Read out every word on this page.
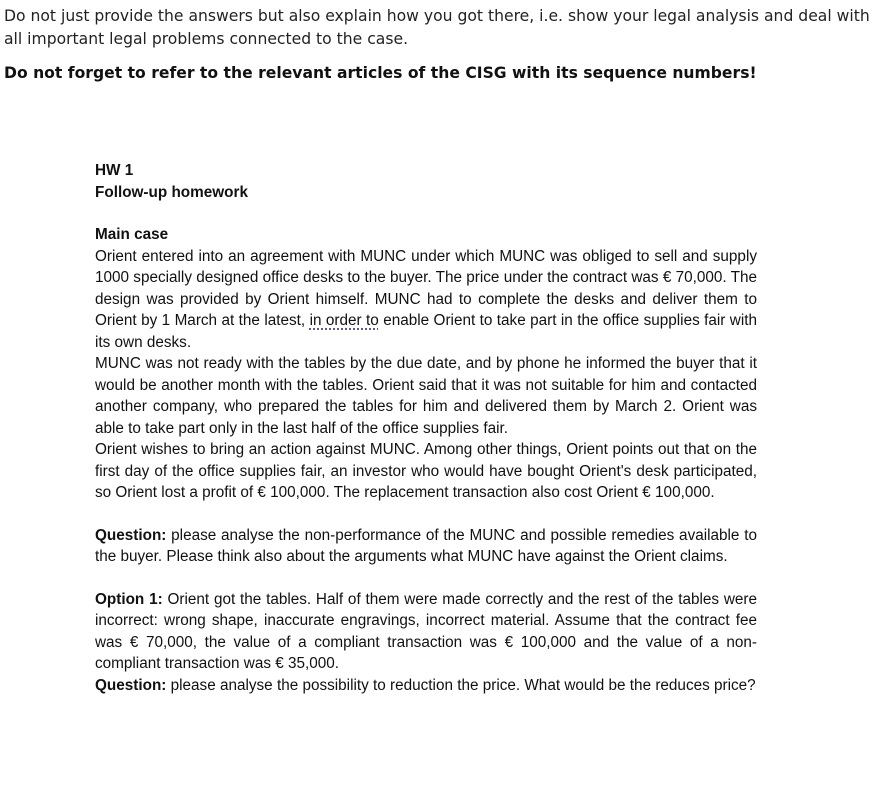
Do not just provide the answers but also explain how you got there, i.e. show your legal analysis and deal with all important legal problems connected to the case.

Do not forget to refer to the relevant articles of the CISG with its sequence numbers!

HW 1

Follow-up homework

Main case

Orient entered into an agreement with MUNC under which MUNC was obliged to sell and supply 1000 specially designed office desks to the buyer. The price under the contract was € 70,000. The design was provided by Orient himself. MUNC had to complete the desks and deliver them to Orient by 1 March at the latest, in order to enable Orient to take part in the office supplies fair with its own desks.

MUNC was not ready with the tables by the due date, and by phone he informed the buyer that it would be another month with the tables. Orient said that it was not suitable for him and contacted another company, who prepared the tables for him and delivered them by March 2. Orient was able to take part only in the last half of the office supplies fair.

Orient wishes to bring an action against MUNC. Among other things, Orient points out that on the first day of the office supplies fair, an investor who would have bought Orient's desk participated, so Orient lost a profit of € 100,000. The replacement transaction also cost Orient € 100,000.

Question: please analyse the non-performance of the MUNC and possible remedies available to the buyer. Please think also about the arguments what MUNC have against the Orient claims.

Option 1: Orient got the tables. Half of them were made correctly and the rest of the tables were incorrect: wrong shape, inaccurate engravings, incorrect material. Assume that the contract fee was € 70,000, the value of a compliant transaction was € 100,000 and the value of a non-compliant transaction was € 35,000.

Question: please analyse the possibility to reduction the price. What would be the reduces price?
